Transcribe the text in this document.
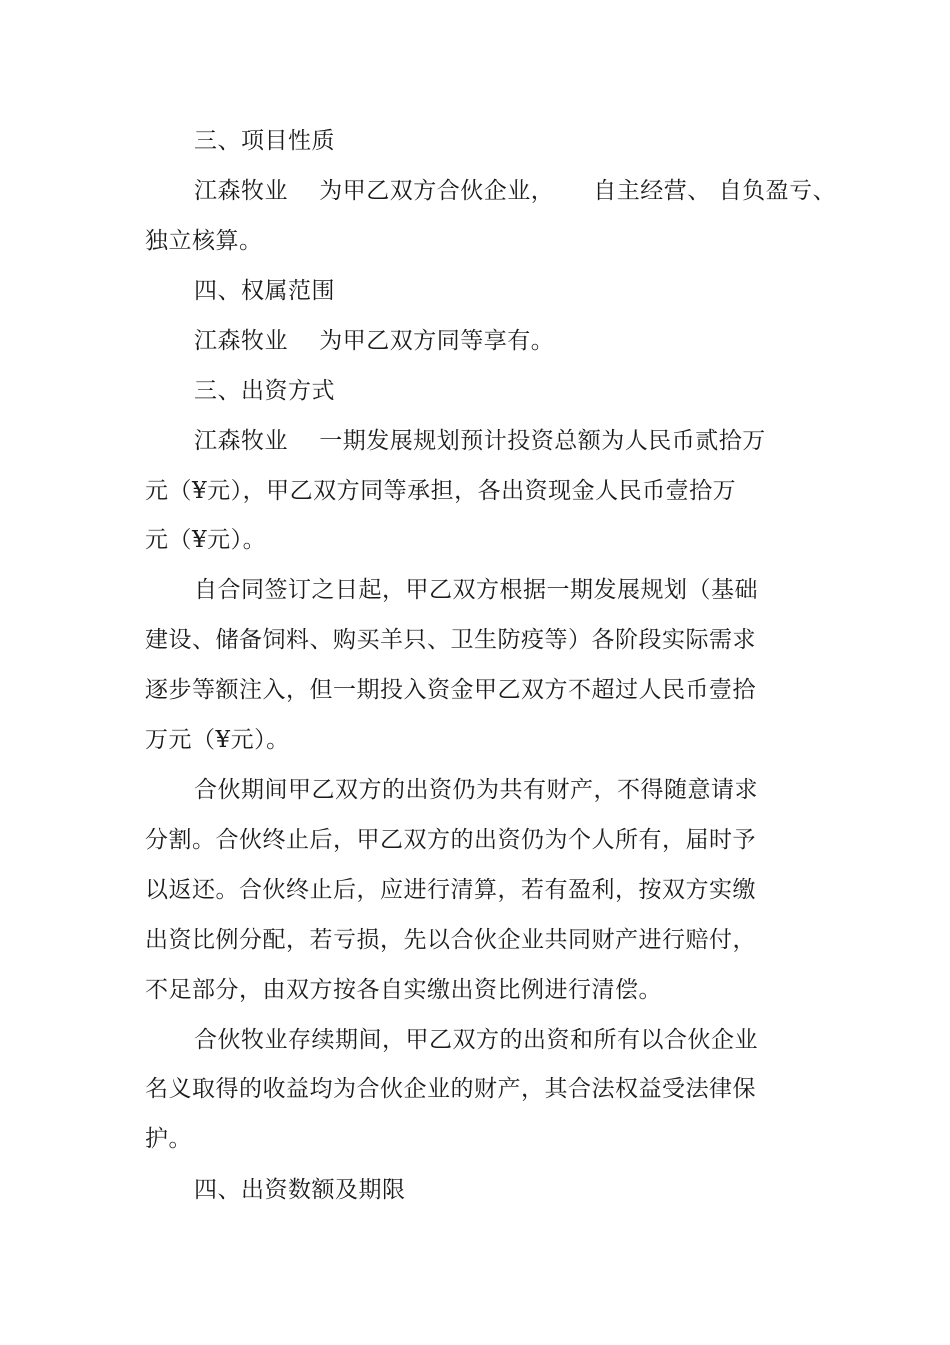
三、项目性质
江森牧业    为甲乙双方合伙企业，     自主经营、 自负盈亏、
独立核算。
四、权属范围
江森牧业    为甲乙双方同等享有。
三、出资方式
江森牧业    一期发展规划预计投资总额为人民币贰拾万
元（¥元），甲乙双方同等承担，各出资现金人民币壹拾万
元（¥元）。
自合同签订之日起，甲乙双方根据一期发展规划（基础
建设、储备饲料、购买羊只、卫生防疫等）各阶段实际需求
逐步等额注入，但一期投入资金甲乙双方不超过人民币壹拾
万元（¥元）。
合伙期间甲乙双方的出资仍为共有财产，不得随意请求
分割。合伙终止后，甲乙双方的出资仍为个人所有，届时予
以返还。合伙终止后，应进行清算，若有盈利，按双方实缴
出资比例分配，若亏损，先以合伙企业共同财产进行赔付，
不足部分，由双方按各自实缴出资比例进行清偿。
合伙牧业存续期间，甲乙双方的出资和所有以合伙企业
名义取得的收益均为合伙企业的财产，其合法权益受法律保
护。
四、出资数额及期限
